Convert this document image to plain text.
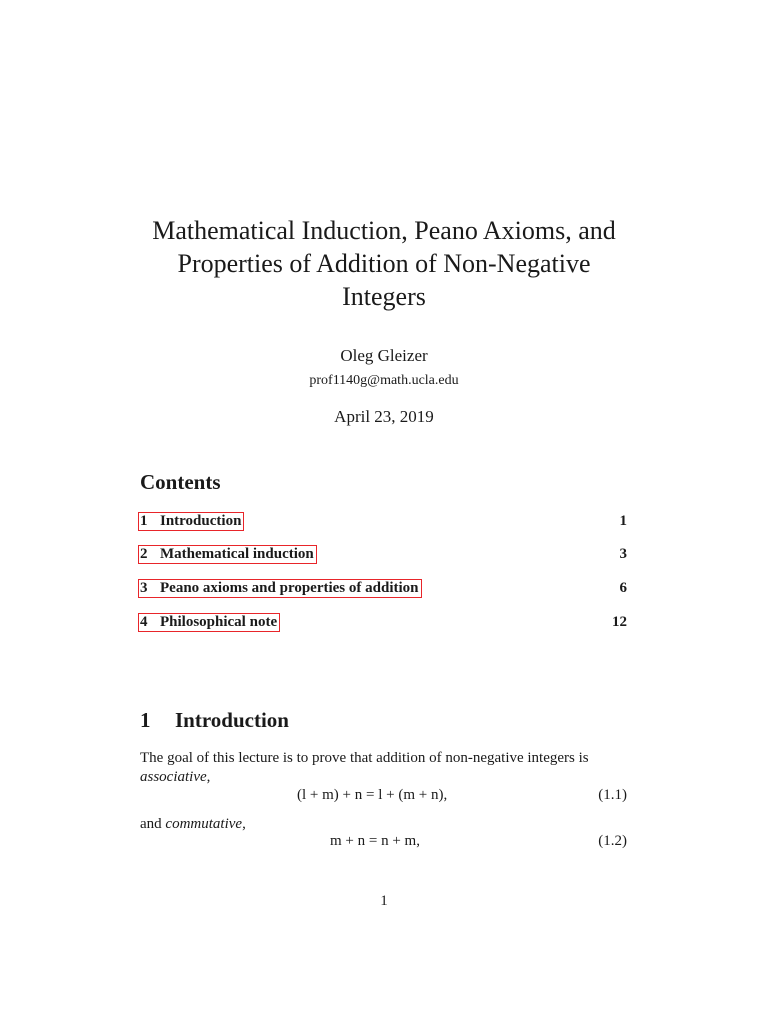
Mathematical Induction, Peano Axioms, and
Properties of Addition of Non-Negative
Integers
Oleg Gleizer
prof1140g@math.ucla.edu
April 23, 2019
Contents
1 Introduction	1
2 Mathematical induction	3
3 Peano axioms and properties of addition	6
4 Philosophical note	12
1 Introduction

The goal of this lecture is to prove that addition of non-negative integers is
associative,

(l + m) + n = l + (m + n),	(1.1)

and commutative,

m + n = n + m,	(1.2)
1
